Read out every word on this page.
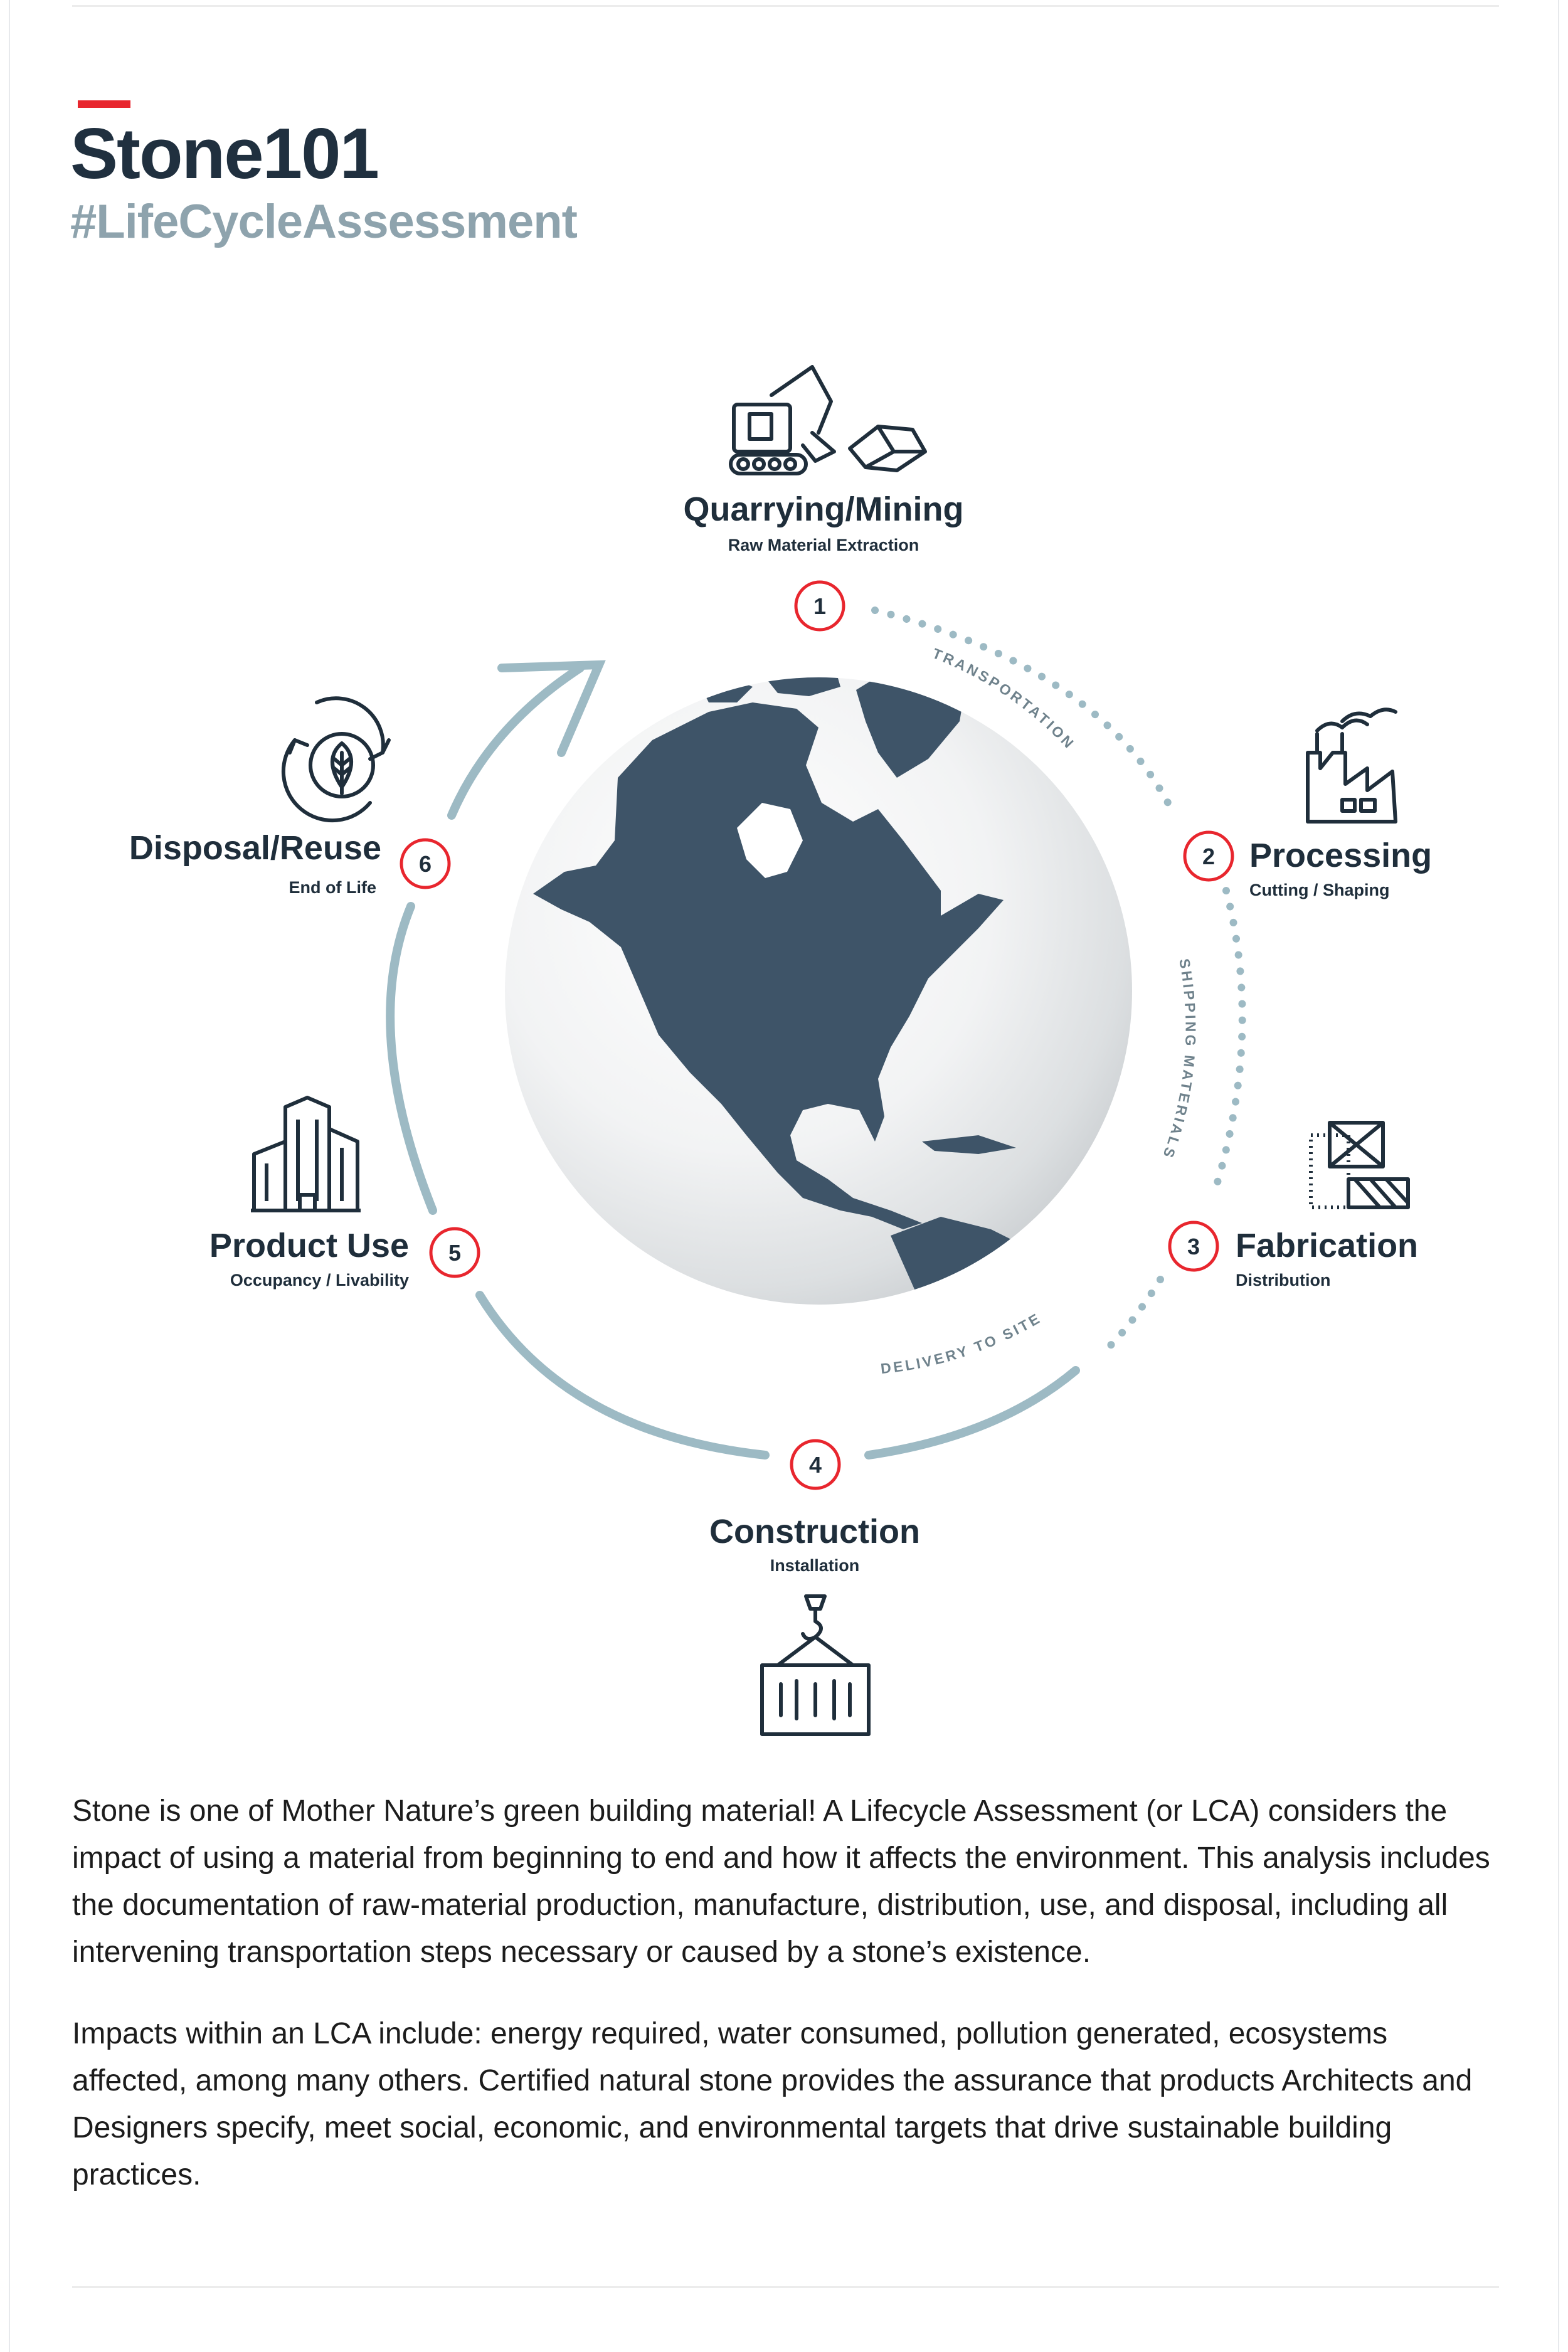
Stone101
#LifeCycleAssessment
TRANSPORTATION
SHIPPING MATERIALS
DELIVERY TO SITE
Quarrying/Mining
Raw Material Extraction
1
2 Processing
Cutting / Shaping
3 Fabrication
Distribution
4
Construction
Installation
Product Use
Occupancy / Livability
5
Disposal/Reuse
End of Life
6

Stone is one of Mother Nature’s green building material! A Lifecycle Assessment (or LCA) considers the impact of using a material from beginning to end and how it affects the environment. This analysis includes the documentation of raw-material production, manufacture, distribution, use, and disposal, including all intervening transportation steps necessary or caused by a stone’s existence.

Impacts within an LCA include: energy required, water consumed, pollution generated, ecosystems affected, among many others. Certified natural stone provides the assurance that products Architects and Designers specify, meet social, economic, and environmental targets that drive sustainable building practices.
